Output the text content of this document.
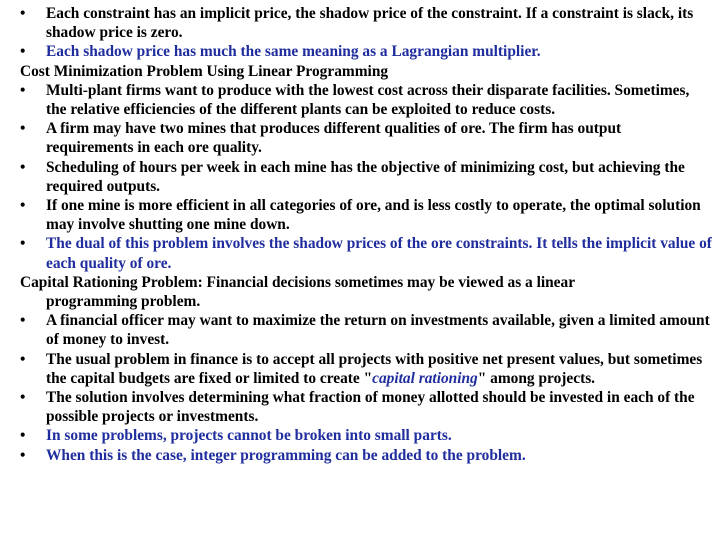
• Each constraint has an implicit price, the shadow price of the constraint. If a constraint is slack, its shadow price is zero.
• Each shadow price has much the same meaning as a Lagrangian multiplier.
Cost Minimization Problem Using Linear Programming
• Multi-plant firms want to produce with the lowest cost across their disparate facilities. Sometimes, the relative efficiencies of the different plants can be exploited to reduce costs.
• A firm may have two mines that produces different qualities of ore. The firm has output requirements in each ore quality.
• Scheduling of hours per week in each mine has the objective of minimizing cost, but achieving the required outputs.
• If one mine is more efficient in all categories of ore, and is less costly to operate, the optimal solution may involve shutting one mine down.
• The dual of this problem involves the shadow prices of the ore constraints. It tells the implicit value of each quality of ore.
Capital Rationing Problem: Financial decisions sometimes may be viewed as a linear
programming problem.
• A financial officer may want to maximize the return on investments available, given a limited amount of money to invest.
• The usual problem in finance is to accept all projects with positive net present values, but sometimes the capital budgets are fixed or limited to create "capital rationing" among projects.
• The solution involves determining what fraction of money allotted should be invested in each of the possible projects or investments.
• In some problems, projects cannot be broken into small parts.
• When this is the case, integer programming can be added to the problem.
